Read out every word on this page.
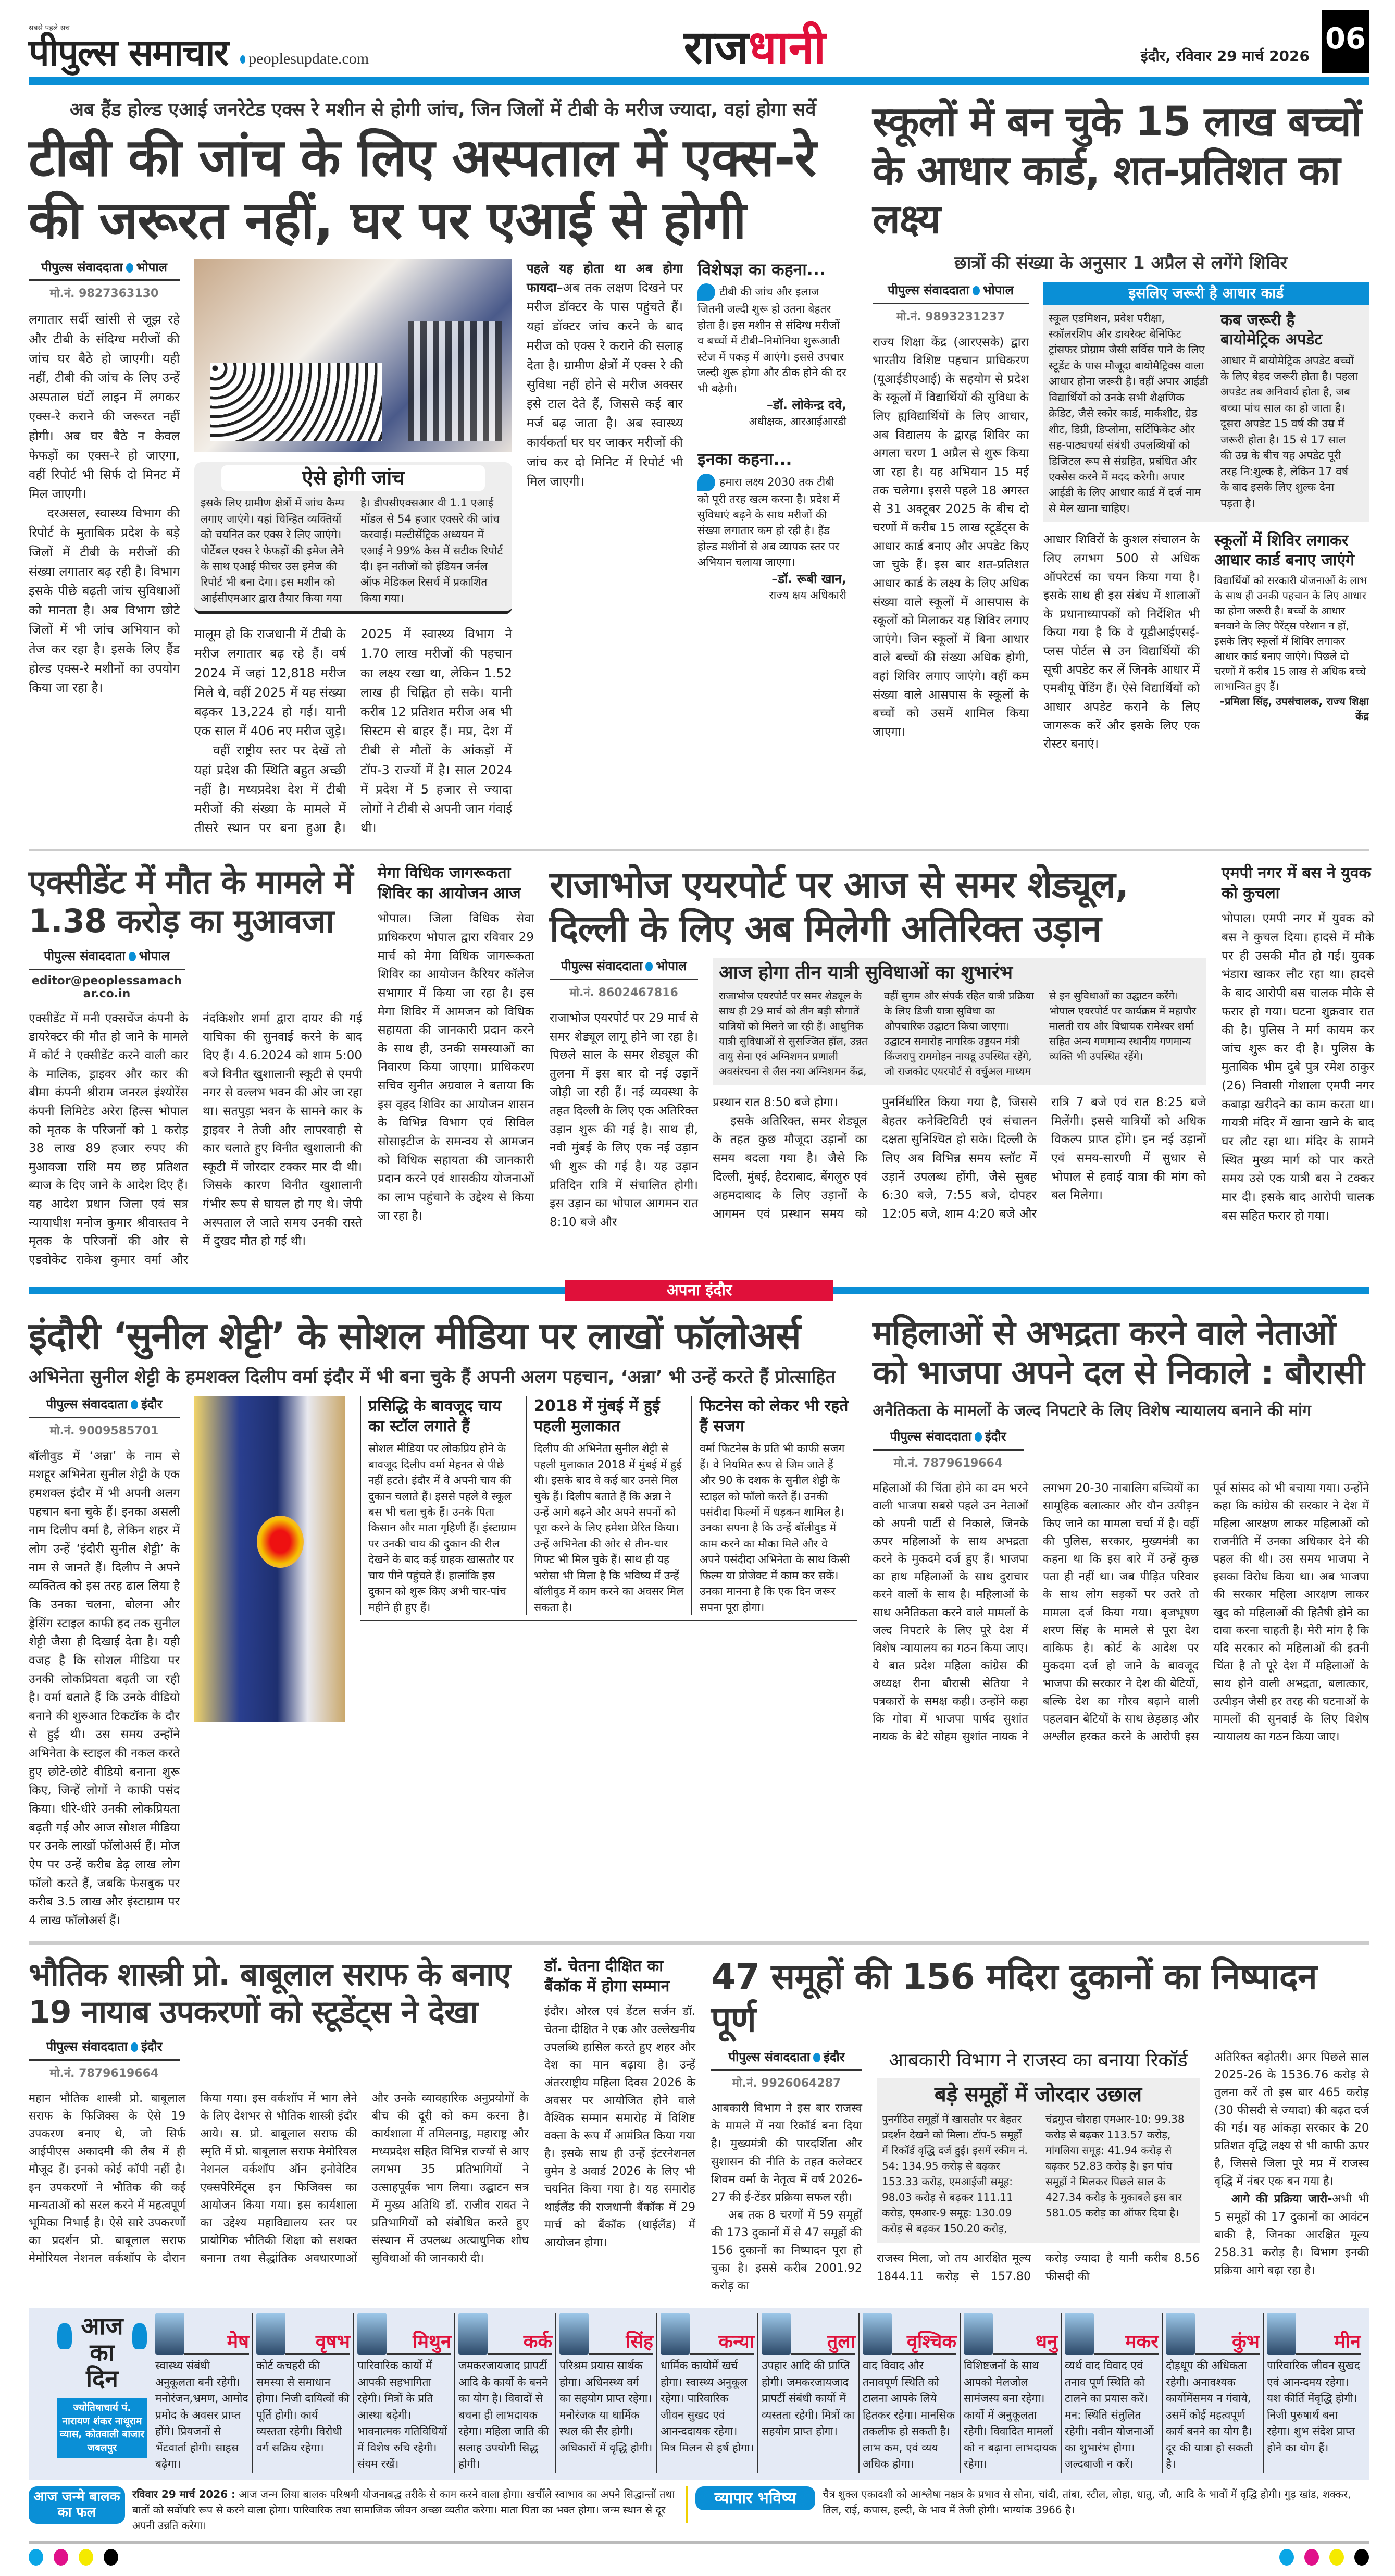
सबसे पहले सच
पीपुल्स समाचार	peoplesupdate.com	राजधानी	इंदौर, रविवार 29 मार्च 2026
06
अब हैंड होल्ड एआई जनरेटेड एक्स रे मशीन से होगी जांच, जिन जिलों में टीबी के मरीज ज्यादा, वहां होगा सर्वे
टीबी की जांच के लिए अस्पताल में एक्स-रे की जरूरत नहीं, घर पर एआई से होगी
पीपुल्स संवाददाता भोपाल
मो.नं. 9827363130

लगातार सर्दी खांसी से जूझ रहे और टीबी के संदिग्ध मरीजों की जांच घर बैठे हो जाएगी। यही नहीं, टीबी की जांच के लिए उन्हें अस्पताल घंटों लाइन में लगकर एक्स-रे कराने की जरूरत नहीं होगी। अब घर बैठे न केवल फेफड़ों का एक्स-रे हो जाएगा, वहीं रिपोर्ट भी सिर्फ दो मिनट में मिल जाएगी।

दरअसल, स्वास्थ्य विभाग की रिपोर्ट के मुताबिक प्रदेश के बड़े जिलों में टीबी के मरीजों की संख्या लगातार बढ़ रही है। विभाग इसके पीछे बढ़ती जांच सुविधाओं को मानता है। अब विभाग छोटे जिलों में भी जांच अभियान को तेज कर रहा है। इसके लिए हैंड होल्ड एक्स-रे मशीनों का उपयोग किया जा रहा है।

ऐसे होगी जांच

इसके लिए ग्रामीण क्षेत्रों में जांच कैम्प लगाए जाएंगे। यहां चिन्हित व्यक्तियों को चयनित कर एक्स रे लिए जाएंगे। पोर्टेबल एक्स रे फेफड़ों की इमेज लेने के साथ एआई फीचर उस इमेज की रिपोर्ट भी बना देगा। इस मशीन को आईसीएमआर द्वारा तैयार किया गया है। डीपसीएक्सआर वी 1.1 एआई मॉडल से 54 हजार एक्सरे की जांच करवाई। मल्टीसेंट्रिक अध्ययन में एआई ने 99% केस में सटीक रिपोर्ट दी। इन नतीजों को इंडियन जर्नल ऑफ मेडिकल रिसर्च में प्रकाशित किया गया।

मालूम हो कि राजधानी में टीबी के मरीज लगातार बढ़ रहे हैं। वर्ष 2024 में जहां 12,818 मरीज मिले थे, वहीं 2025 में यह संख्या बढ़कर 13,224 हो गई। यानी एक साल में 406 नए मरीज जुड़े।

वहीं राष्ट्रीय स्तर पर देखें तो यहां प्रदेश की स्थिति बहुत अच्छी नहीं है। मध्यप्रदेश देश में टीबी मरीजों की संख्या के मामले में तीसरे स्थान पर बना हुआ है। 2025 में स्वास्थ्य विभाग ने 1.70 लाख मरीजों की पहचान का लक्ष्य रखा था, लेकिन 1.52 लाख ही चिह्नित हो सके। यानी करीब 12 प्रतिशत मरीज अब भी सिस्टम से बाहर हैं। मप्र, देश में टीबी से मौतों के आंकड़ों में टॉप-3 राज्यों में है। साल 2024 में प्रदेश में 5 हजार से ज्यादा लोगों ने टीबी से अपनी जान गंवाई थी।

पहले यह होता था अब होगा फायदा–अब तक लक्षण दिखने पर मरीज डॉक्टर के पास पहुंचते हैं। यहां डॉक्टर जांच करने के बाद मरीज को एक्स रे कराने की सलाह देता है। ग्रामीण क्षेत्रों में एक्स रे की सुविधा नहीं होने से मरीज अक्सर इसे टाल देते हैं, जिससे कई बार मर्ज बढ़ जाता है। अब स्वास्थ्य कार्यकर्ता घर घर जाकर मरीजों की जांच कर दो मिनिट में रिपोर्ट भी मिल जाएगी।

विशेषज्ञ का कहना...
टीबी की जांच और इलाज जितनी जल्दी शुरू हो उतना बेहतर होता है। इस मशीन से संदिग्ध मरीजों व बच्चों में टीबी–निमोनिया शुरूआती स्टेज में पकड़ में आएंगे। इससे उपचार जल्दी शुरू होगा और ठीक होने की दर भी बढ़ेगी।
–डॉ. लोकेन्द्र दवे,
अधीक्षक, आरआईआरडी
इनका कहना...
हमारा लक्ष्य 2030 तक टीबी को पूरी तरह खत्म करना है। प्रदेश में सुविधाएं बढ़ने के साथ मरीजों की संख्या लगातार कम हो रही है। हैंड होल्ड मशीनों से अब व्यापक स्तर पर अभियान चलाया जाएगा।
–डॉ. रूबी खान,
राज्य क्षय अधिकारी
स्कूलों में बन चुके 15 लाख बच्चों के आधार कार्ड, शत-प्रतिशत का लक्ष्य
छात्रों की संख्या के अनुसार 1 अप्रैल से लगेंगे शिविर
पीपुल्स संवाददाता भोपाल
मो.नं. 9893231237

राज्य शिक्षा केंद्र (आरएसके) द्वारा भारतीय विशिष्ट पहचान प्राधिकरण (यूआईडीएआई) के सहयोग से प्रदेश के स्कूलों में विद्यार्थियों की सुविधा के लिए ह्यविद्यार्थियों के लिए आधार, अब विद्यालय के द्वारह्न शिविर का अगला चरण 1 अप्रैल से शुरू किया जा रहा है। यह अभियान 15 मई तक चलेगा। इससे पहले 18 अगस्त से 31 अक्टूबर 2025 के बीच दो चरणों में करीब 15 लाख स्टूडेंट्स के आधार कार्ड बनाए और अपडेट किए जा चुके हैं। इस बार शत-प्रतिशत आधार कार्ड के लक्ष्य के लिए अधिक संख्या वाले स्कूलों में आसपास के स्कूलों को मिलाकर यह शिविर लगाए जाएंगे। जिन स्कूलों में बिना आधार वाले बच्चों की संख्या अधिक होगी, वहां शिविर लगाए जाएंगे। वहीं कम संख्या वाले आसपास के स्कूलों के बच्चों को उसमें शामिल किया जाएगा।

इसलिए जरूरी है आधार कार्ड
स्कूल एडमिशन, प्रवेश परीक्षा, स्कॉलरशिप और डायरेक्ट बेनिफिट ट्रांसफर प्रोग्राम जैसी सर्विस पाने के लिए स्टूडेंट के पास मौजूदा बायोमैट्रिक्स वाला आधार होना जरूरी है। वहीं अपार आईडी विद्यार्थियों को उनके सभी शैक्षणिक क्रेडिट, जैसे स्कोर कार्ड, मार्कशीट, ग्रेड शीट, डिग्री, डिप्लोमा, सर्टिफिकेट और सह-पाठ्यचर्या संबंधी उपलब्धियों को डिजिटल रूप से संग्रहित, प्रबंधित और एक्सेस करने में मदद करेगी। अपार आईडी के लिए आधार कार्ड में दर्ज नाम से मेल खाना चाहिए।
कब जरूरी है बायोमेट्रिक अपडेट
आधार में बायोमेट्रिक अपडेट बच्चों के लिए बेहद जरूरी होता है। पहला अपडेट तब अनिवार्य होता है, जब बच्चा पांच साल का हो जाता है। दूसरा अपडेट 15 वर्ष की उम्र में जरूरी होता है। 15 से 17 साल की उम्र के बीच यह अपडेट पूरी तरह नि:शुल्क है, लेकिन 17 वर्ष के बाद इसके लिए शुल्क देना पड़ता है।

आधार शिविरों के कुशल संचालन के लिए लगभग 500 से अधिक ऑपरेटर्स का चयन किया गया है। इसके साथ ही इस संबंध में शालाओं के प्रधानाध्यापकों को निर्देशित भी किया गया है कि वे यूडीआईएसई-प्लस पोर्टल से उन विद्यार्थियों की सूची अपडेट कर लें जिनके आधार में एमबीयू पेंडिंग हैं। ऐसे विद्यार्थियों को आधार अपडेट कराने के लिए जागरूक करें और इसके लिए एक रोस्टर बनाएं।

स्कूलों में शिविर लगाकर आधार कार्ड बनाए जाएंगे
विद्यार्थियों को सरकारी योजनाओं के लाभ के साथ ही उनकी पहचान के लिए आधार का होना जरूरी है। बच्चों के आधार बनवाने के लिए पैरेंट्स परेशान न हों, इसके लिए स्कूलों में शिविर लगाकर आधार कार्ड बनाए जाएंगे। पिछले दो चरणों में करीब 15 लाख से अधिक बच्चे लाभान्वित हुए हैं।
–प्रमिला सिंह, उपसंचालक, राज्य शिक्षा केंद्र
एक्सीडेंट में मौत के मामले में 1.38 करोड़ का मुआवजा
पीपुल्स संवाददाता भोपाल
editor@peoplessamachar.co.in

एक्सीडेंट में मनी एक्सचेंज कंपनी के डायरेक्टर की मौत हो जाने के मामले में कोर्ट ने एक्सीडेंट करने वाली कार के मालिक, ड्राइवर और कार की बीमा कंपनी श्रीराम जनरल इंश्योरेंस कंपनी लिमिटेड अरेरा हिल्स भोपाल को मृतक के परिजनों को 1 करोड़ 38 लाख 89 हजार रुपए की मुआवजा राशि मय छह प्रतिशत ब्याज के दिए जाने के आदेश दिए हैं। यह आदेश प्रधान जिला एवं सत्र न्यायाधीश मनोज कुमार श्रीवास्तव ने मृतक के परिजनों की ओर से एडवोकेट राकेश कुमार वर्मा और नंदकिशोर शर्मा द्वारा दायर की गई याचिका की सुनवाई करने के बाद दिए हैं। 4.6.2024 को शाम 5:00 बजे विनीत खुशालानी स्कूटी से एमपी नगर से वल्लभ भवन की ओर जा रहा था। सतपुड़ा भवन के सामने कार के ड्राइवर ने तेजी और लापरवाही से कार चलाते हुए विनीत खुशालानी की स्कूटी में जोरदार टक्कर मार दी थी।जिसके कारण विनीत खुशालानी गंभीर रूप से घायल हो गए थे। जेपी अस्पताल ले जाते समय उनकी रास्ते में दुखद मौत हो गई थी।

मेगा विधिक जागरूकता शिविर का आयोजन आज

भोपाल। जिला विधिक सेवा प्राधिकरण भोपाल द्वारा रविवार 29 मार्च को मेगा विधिक जागरूकता शिविर का आयोजन कैरियर कॉलेज सभागार में किया जा रहा है। इस मेगा शिविर में आमजन को विधिक सहायता की जानकारी प्रदान करने के साथ ही, उनकी समस्याओं का निवारण किया जाएगा। प्राधिकरण सचिव सुनीत अग्रवाल ने बताया कि इस वृहद शिविर का आयोजन शासन के विभिन्न विभाग एवं सिविल सोसाइटीज के समन्वय से आमजन को विधिक सहायता की जानकारी प्रदान करने एवं शासकीय योजनाओं का लाभ पहुंचाने के उद्देश्य से किया जा रहा है।

राजाभोज एयरपोर्ट पर आज से समर शेड्यूल, दिल्ली के लिए अब मिलेगी अतिरिक्त उड़ान
पीपुल्स संवाददाता भोपाल
मो.नं. 8602467816

राजाभोज एयरपोर्ट पर 29 मार्च से समर शेड्यूल लागू होने जा रहा है। पिछले साल के समर शेड्यूल की तुलना में इस बार दो नई उड़ानें जोड़ी जा रही हैं। नई व्यवस्था के तहत दिल्ली के लिए एक अतिरिक्त उड़ान शुरू की गई है। साथ ही, नवी मुंबई के लिए एक नई उड़ान भी शुरू की गई है। यह उड़ान प्रतिदिन रात्रि में संचालित होगी। इस उड़ान का भोपाल आगमन रात 8:10 बजे और

आज होगा तीन यात्री सुविधाओं का शुभारंभ
राजाभोज एयरपोर्ट पर समर शेड्यूल के साथ ही 29 मार्च को तीन बड़ी सौगातें यात्रियों को मिलने जा रही हैं। आधुनिक यात्री सुविधाओं से सुसज्जित हॉल, उन्नत वायु सेना एवं अग्निशमन प्रणाली अवसंरचना से लैस नया अग्निशमन केंद्र, वहीं सुगम और संपर्क रहित यात्री प्रक्रिया के लिए डिजी यात्रा सुविधा का औपचारिक उद्घाटन किया जाएगा। उद्घाटन समारोह नागरिक उड्डयन मंत्री किंजरापु राममोहन नायडू उपस्थित रहेंगे, जो राजकोट एयरपोर्ट से वर्चुअल माध्यम से इन सुविधाओं का उद्घाटन करेंगे। भोपाल एयरपोर्ट पर कार्यक्रम में महापौर मालती राय और विधायक रामेश्वर शर्मा सहित अन्य गणमान्य स्थानीय गणमान्य व्यक्ति भी उपस्थित रहेंगे।

प्रस्थान रात 8:50 बजे होगा।

इसके अतिरिक्त, समर शेड्यूल के तहत कुछ मौजूदा उड़ानों का समय बदला गया है। जैसे कि दिल्ली, मुंबई, हैदराबाद, बेंगलुरु एवं अहमदाबाद के लिए उड़ानों के आगमन एवं प्रस्थान समय को पुनर्निर्धारित किया गया है, जिससे बेहतर कनेक्टिविटी एवं संचालन दक्षता सुनिश्चित हो सके। दिल्ली के लिए अब विभिन्न समय स्लॉट में उड़ानें उपलब्ध होंगी, जैसे सुबह 6:30 बजे, 7:55 बजे, दोपहर 12:05 बजे, शाम 4:20 बजे और रात्रि 7 बजे एवं रात 8:25 बजे मिलेंगी। इससे यात्रियों को अधिक विकल्प प्राप्त होंगे। इन नई उड़ानों एवं समय-सारणी में सुधार से भोपाल से हवाई यात्रा की मांग को बल मिलेगा।

एमपी नगर में बस ने युवक को कुचला

भोपाल। एमपी नगर में युवक को बस ने कुचल दिया। हादसे में मौके पर ही उसकी मौत हो गई। युवक भंडारा खाकर लौट रहा था। हादसे के बाद आरोपी बस चालक मौके से फरार हो गया। घटना शुक्रवार रात की है। पुलिस ने मर्ग कायम कर जांच शुरू कर दी है। पुलिस के मुताबिक भीम दुबे पुत्र रमेश ठाकुर (26) निवासी गोशाला एमपी नगर कबाड़ा खरीदने का काम करता था। गायत्री मंदिर में खाना खाने के बाद घर लौट रहा था। मंदिर के सामने स्थित मुख्य मार्ग को पार करते समय उसे एक यात्री बस ने टक्कर मार दी। इसके बाद आरोपी चालक बस सहित फरार हो गया।

अपना इंदौर
इंदौरी ‘सुनील शेट्टी’ के सोशल मीडिया पर लाखों फॉलोअर्स
अभिनेता सुनील शेट्टी के हमशक्ल दिलीप वर्मा इंदौर में भी बना चुके हैं अपनी अलग पहचान, ‘अन्ना’ भी उन्हें करते हैं प्रोत्साहित
पीपुल्स संवाददाता इंदौर
मो.नं. 9009585701

बॉलीवुड में ‘अन्ना’ के नाम से मशहूर अभिनेता सुनील शेट्टी के एक हमशक्ल इंदौर में भी अपनी अलग पहचान बना चुके हैं। इनका असली नाम दिलीप वर्मा है, लेकिन शहर में लोग उन्हें ‘इंदौरी सुनील शेट्टी’ के नाम से जानते हैं। दिलीप ने अपने व्यक्तित्व को इस तरह ढाल लिया है कि उनका चलना, बोलना और ड्रेसिंग स्टाइल काफी हद तक सुनील शेट्टी जैसा ही दिखाई देता है। यही वजह है कि सोशल मीडिया पर उनकी लोकप्रियता बढ़ती जा रही है। वर्मा बताते हैं कि उनके वीडियो बनाने की शुरुआत टिकटॉक के दौर से हुई थी। उस समय उन्होंने अभिनेता के स्टाइल की नकल करते हुए छोटे-छोटे वीडियो बनाना शुरू किए, जिन्हें लोगों ने काफी पसंद किया। धीरे-धीरे उनकी लोकप्रियता बढ़ती गई और आज सोशल मीडिया पर उनके लाखों फॉलोअर्स हैं। मोज ऐप पर उन्हें करीब डेढ़ लाख लोग फॉलो करते हैं, जबकि फेसबुक पर करीब 3.5 लाख और इंस्टाग्राम पर 4 लाख फॉलोअर्स हैं।

प्रसिद्धि के बावजूद चाय का स्टॉल लगाते हैं
सोशल मीडिया पर लोकप्रिय होने के बावजूद दिलीप वर्मा मेहनत से पीछे नहीं हटते। इंदौर में वे अपनी चाय की दुकान चलाते हैं। इससे पहले वे स्कूल बस भी चला चुके हैं। उनके पिता किसान और माता गृहिणी हैं। इंस्टाग्राम पर उनकी चाय की दुकान की रील देखने के बाद कई ग्राहक खासतौर पर चाय पीने पहुंचते हैं। हालांकि इस दुकान को शुरू किए अभी चार-पांच महीने ही हुए हैं।
2018 में मुंबई में हुई पहली मुलाकात
दिलीप की अभिनेता सुनील शेट्टी से पहली मुलाकात 2018 में मुंबई में हुई थी। इसके बाद वे कई बार उनसे मिल चुके हैं। दिलीप बताते हैं कि अन्ना ने उन्हें आगे बढ़ने और अपने सपनों को पूरा करने के लिए हमेशा प्रेरित किया। उन्हें अभिनेता की ओर से तीन-चार गिफ्ट भी मिल चुके हैं। साथ ही यह भरोसा भी मिला है कि भविष्य में उन्हें बॉलीवुड में काम करने का अवसर मिल सकता है।
फिटनेस को लेकर भी रहते हैं सजग
वर्मा फिटनेस के प्रति भी काफी सजग हैं। वे नियमित रूप से जिम जाते हैं और 90 के दशक के सुनील शेट्टी के स्टाइल को फॉलो करते हैं। उनकी पसंदीदा फिल्मों में धड़कन शामिल है। उनका सपना है कि उन्हें बॉलीवुड में काम करने का मौका मिले और वे अपने पसंदीदा अभिनेता के साथ किसी फिल्म या प्रोजेक्ट में काम कर सकें। उनका मानना है कि एक दिन जरूर सपना पूरा होगा।
महिलाओं से अभद्रता करने वाले नेताओं को भाजपा अपने दल से निकाले : बौरासी
अनैतिकता के मामलों के जल्द निपटारे के लिए विशेष न्यायालय बनाने की मांग
पीपुल्स संवाददाता इंदौर
मो.नं. 7879619664

महिलाओं की चिंता होने का दम भरने वाली भाजपा सबसे पहले उन नेताओं को अपनी पार्टी से निकाले, जिनके ऊपर महिलाओं के साथ अभद्रता करने के मुकदमे दर्ज हुए हैं। भाजपा का हाथ महिलाओं के साथ दुराचार करने वालों के साथ है। महिलाओं के साथ अनैतिकता करने वाले मामलों के जल्द निपटारे के लिए पूरे देश में विशेष न्यायालय का गठन किया जाए। ये बात प्रदेश महिला कांग्रेस की अध्यक्ष रीना बौरासी सेतिया ने पत्रकारों के समक्ष कही। उन्होंने कहा कि गोवा में भाजपा पार्षद सुशांत नायक के बेटे सोहम सुशांत नायक ने लगभग 20-30 नाबालिग बच्चियों का सामूहिक बलात्कार और यौन उत्पीड़न किए जाने का मामला चर्चा में है। वहीं की पुलिस, सरकार, मुख्यमंत्री का कहना था कि इस बारे में उन्हें कुछ पता ही नहीं था। जब पीड़ित परिवार के साथ लोग सड़कों पर उतरे तो मामला दर्ज किया गया। बृजभूषण शरण सिंह के मामले से पूरा देश वाकिफ है। कोर्ट के आदेश पर मुकदमा दर्ज हो जाने के बावजूद भाजपा की सरकार ने देश की बेटियों, बल्कि देश का गौरव बढ़ाने वाली पहलवान बेटियों के साथ छेड़छाड़ और अश्लील हरकत करने के आरोपी इस पूर्व सांसद को भी बचाया गया। उन्होंने कहा कि कांग्रेस की सरकार ने देश में महिला आरक्षण लाकर महिलाओं को राजनीति में उनका अधिकार देने की पहल की थी। उस समय भाजपा ने इसका विरोध किया था। अब भाजपा की सरकार महिला आरक्षण लाकर खुद को महिलाओं की हितैषी होने का दावा करना चाहती है। मेरी मांग है कि यदि सरकार को महिलाओं की इतनी चिंता है तो पूरे देश में महिलाओं के साथ होने वाली अभद्रता, बलात्कार, उत्पीड़न जैसी हर तरह की घटनाओं के मामलों की सुनवाई के लिए विशेष न्यायालय का गठन किया जाए।

भौतिक शास्त्री प्रो. बाबूलाल सराफ के बनाए 19 नायाब उपकरणों को स्टूडेंट्स ने देखा
पीपुल्स संवाददाता इंदौर
मो.नं. 7879619664

महान भौतिक शास्त्री प्रो. बाबूलाल सराफ के फिजिक्स के ऐसे 19 उपकरण बनाए थे, जो सिर्फ आईपीएस अकादमी की लैब में ही मौजूद हैं। इनको कोई कॉपी नहीं है। इन उपकरणों ने भौतिक की कई मान्यताओं को सरल करने में महत्वपूर्ण भूमिका निभाई है। ऐसे सारे उपकरणों का प्रदर्शन प्रो. बाबूलाल सराफ मेमोरियल नेशनल वर्कशॉप के दौरान किया गया। इस वर्कशॉप में भाग लेने के लिए देशभर से भौतिक शास्त्री इंदौर आये। स. प्रो. बाबूलाल सराफ की स्मृति में प्रो. बाबूलाल सराफ मेमोरियल नेशनल वर्कशॉप ऑन इनोवेटिव एक्सपेरिमेंट्स इन फिजिक्स का आयोजन किया गया। इस कार्यशाला का उद्देश्य महाविद्यालय स्तर पर प्रायोगिक भौतिकी शिक्षा को सशक्त बनाना तथा सैद्धांतिक अवधारणाओं और उनके व्यावहारिक अनुप्रयोगों के बीच की दूरी को कम करना है। कार्यशाला में तमिलनाडु, महाराष्ट्र और मध्यप्रदेश सहित विभिन्न राज्यों से आए लगभग 35 प्रतिभागियों ने उत्साहपूर्वक भाग लिया। उद्घाटन सत्र में मुख्य अतिथि डॉ. राजीव रावत ने प्रतिभागियों को संबोधित करते हुए संस्थान में उपलब्ध अत्याधुनिक शोध सुविधाओं की जानकारी दी।

डॉ. चेतना दीक्षित का बैंकॉक में होगा सम्मान

इंदौर। ओरल एवं डेंटल सर्जन डॉ. चेतना दीक्षित ने एक और उल्लेखनीय उपलब्धि हासिल करते हुए शहर और देश का मान बढ़ाया है। उन्हें अंतरराष्ट्रीय महिला दिवस 2026 के अवसर पर आयोजित होने वाले वैश्विक सम्मान समारोह में विशिष्ट वक्ता के रूप में आमंत्रित किया गया है। इसके साथ ही उन्हें इंटरनेशनल वुमेन डे अवार्ड 2026 के लिए भी चयनित किया गया है। यह समारोह थाईलैंड की राजधानी बैंकॉक में 29 मार्च को बैंकॉक (थाईलैंड) में आयोजन होगा।

47 समूहों की 156 मदिरा दुकानों का निष्पादन पूर्ण
पीपुल्स संवाददाता इंदौर
मो.नं. 9926064287

आबकारी विभाग ने इस बार राजस्व के मामले में नया रिकॉर्ड बना दिया है। मुख्यमंत्री की पारदर्शिता और सुशासन की नीति के तहत कलेक्टर शिवम वर्मा के नेतृत्व में वर्ष 2026-27 की ई-टेंडर प्रक्रिया सफल रही।

अब तक 8 चरणों में 59 समूहों की 173 दुकानों में से 47 समूहों की 156 दुकानों का निष्पादन पूरा हो चुका है। इससे करीब 2001.92 करोड़ का

आबकारी विभाग ने राजस्व का बनाया रिकॉर्ड
बड़े समूहों में जोरदार उछाल
पुनर्गठित समूहों में खासतौर पर बेहतर प्रदर्शन देखने को मिला। टॉप-5 समूहों में रिकॉर्ड वृद्धि दर्ज हुई। इसमें स्कीम नं. 54: 134.95 करोड़ से बढ़कर 153.33 करोड़, एमआईजी समूह: 98.03 करोड़ से बढ़कर 111.11 करोड़, एमआर-9 समूह: 130.09 करोड़ से बढ़कर 150.20 करोड़, चंद्रगुप्त चौराहा एमआर-10: 99.38 करोड़ से बढ़कर 113.57 करोड़, मांगलिया समूह: 41.94 करोड़ से बढ़कर 52.83 करोड़ है। इन पांच समूहों ने मिलकर पिछले साल के 427.34 करोड़ के मुकाबले इस बार 581.05 करोड़ का ऑफर दिया है।

राजस्व मिला, जो तय आरक्षित मूल्य 1844.11 करोड़ से 157.80 करोड़ ज्यादा है यानी करीब 8.56 फीसदी की

अतिरिक्त बढ़ोतरी। अगर पिछले साल 2025-26 के 1536.76 करोड़ से तुलना करें तो इस बार 465 करोड़ (30 फीसदी से ज्यादा) की बढ़त दर्ज की गई। यह आंकड़ा सरकार के 20 प्रतिशत वृद्धि लक्ष्य से भी काफी ऊपर है, जिससे जिला पूरे मप्र में राजस्व वृद्धि में नंबर एक बन गया है।

आगे की प्रक्रिया जारी-अभी भी 5 समूहों की 17 दुकानों का आवंटन बाकी है, जिनका आरक्षित मूल्य 258.31 करोड़ है। विभाग इनकी प्रक्रिया आगे बढ़ा रहा है।

आज का दिन
ज्योतिषाचार्य पं. नारायण शंकर नाथूराम व्यास, कोतवाली बाजार जबलपुर
मेष
स्वास्थ्य संबंधी अनुकूलता बनी रहेगी। मनोरंजन,भ्रमण, आमोद प्रमोद के अवसर प्राप्त होंगे। प्रियजनों से भेंटवार्ता होगी। साहस बढ़ेगा।
वृषभ
कोर्ट कचहरी की समस्या से समाधान होगा। निजी दायित्वों की पूर्ति होगी। कार्य व्यस्तता रहेगी। विरोधी वर्ग सक्रिय रहेगा।
मिथुन
पारिवारिक कार्यो में आपकी सहभागिता रहेगी। मित्रों के प्रति आस्था बढ़ेगी। भावनात्मक गतिविधियों में विशेष रुचि रहेगी। संयम रखें।
कर्क
जमकरजायजाद प्रापर्टी आदि के कार्यो के बनने का योग है। विवादों से बचना ही लाभदायक रहेगा। महिला जाति की सलाह उपयोगी सिद्ध होगी।
सिंह
परिश्रम प्रयास सार्थक होगा। अधिनस्थ्य वर्ग का सहयोग प्राप्त रहेगा। मनोरंजक या धार्मिक स्थल की सैर होगी। अधिकारों में वृद्धि होगी।
कन्या
धार्मिक कायोर्में खर्च होगा। स्वास्थ्य अनुकूल रहेगा। पारिवारिक जीवन सुखद एवं आनन्ददायक रहेगा। मित्र मिलन से हर्ष होगा।
तुला
उपहार आदि की प्राप्ति होगी। जमकरजायजाद प्रापर्टी संबंधी कार्यो में व्यस्तता रहेगी। मित्रों का सहयोग प्राप्त होगा।
वृश्चिक
वाद विवाद और तनावपूर्ण स्थिति को टालना आपके लिये हितकर रहेगा। मानसिक तकलीफ हो सकती है। लाभ कम, एवं व्यय अधिक होगा।
धनु
विशिष्टजनों के साथ आपको मेलजोल सामंजस्य बना रहेगा। कार्यो में अनुकूलता रहेगी। विवादित मामलों को न बढ़ाना लाभदायक रहेगा।
मकर
व्यर्थ वाद विवाद एवं तनाव पूर्ण स्थिति को टालने का प्रयास करें। मन: स्थिति संतुलित रहेगी। नवीन योजनाओं का शुभारंभ होगा। जल्दबाजी न करें।
कुंभ
दौड़धूप की अधिकता रहेगी। अनावश्यक कार्योमेंसमय न गंवाये, उसमें कोई महत्वपूर्ण कार्य बनने का योग है। दूर की यात्रा हो सकती है।
मीन
पारिवारिक जीवन सुखद एवं आनन्दमय रहेगा। यश कीर्ति मेंवृद्धि होगी। निजी पुरुषार्थ बना रहेगा। शुभ संदेश प्राप्त होने का योग हैं।
आज जन्मे बालक का फल
रविवार 29 मार्च 2026 : आज जन्म लिया बालक परिश्रमी योजनाबद्ध तरीके से काम करने वाला होगा। खर्चीले स्वाभाव का अपने सिद्धान्तों तथा बातों को सर्वोपरि रूप से करने वाला होगा। पारिवारिक तथा सामाजिक जीवन अच्छा व्यतीत करेगा। माता पिता का भक्त होगा। जन्म स्थान से दूर अपनी उन्नति करेगा।
व्यापार भविष्य	चैत्र शुक्ल एकादशी को आश्लेषा नक्षत्र के प्रभाव से सोना, चांदी, तांबा, स्टील, लोहा, धातु, जौ, आदि के भावों में वृद्धि होगी। गुड़ खांड, शक्कर, तिल, राई, कपास, हल्दी, के भाव में तेजी होगी। भाग्यांक 3966 है।
